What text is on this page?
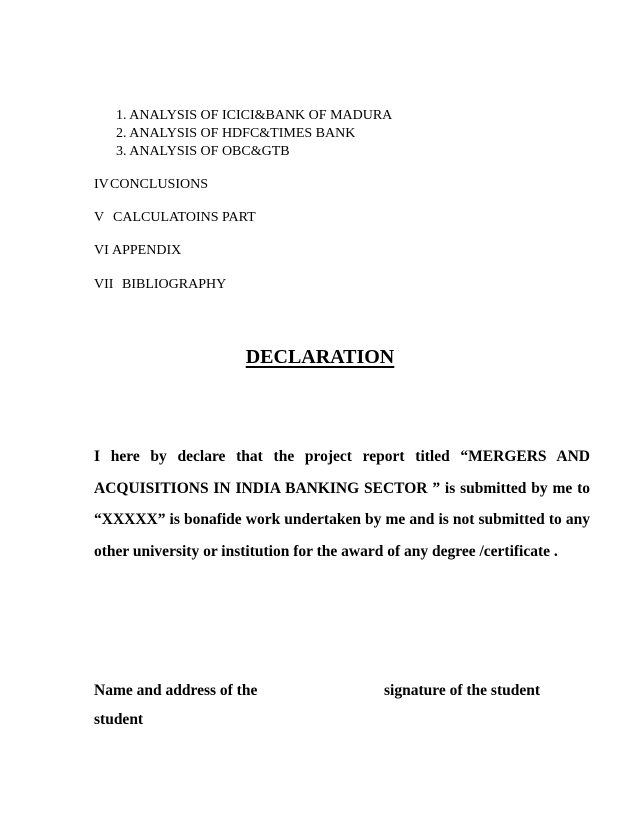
1. ANALYSIS OF ICICI&BANK OF MADURA
2. ANALYSIS OF HDFC&TIMES BANK
3. ANALYSIS OF OBC&GTB
IV CONCLUSIONS
V CALCULATOINS PART
VI APPENDIX
VII BIBLIOGRAPHY
DECLARATION

I here by declare that the project report titled “MERGERS AND ACQUISITIONS IN INDIA BANKING SECTOR ” is submitted by me to “XXXXX” is bonafide work undertaken by me and is not submitted to any other university or institution for the award of any degree /certificate .

Name and address of the
student
signature of the student
